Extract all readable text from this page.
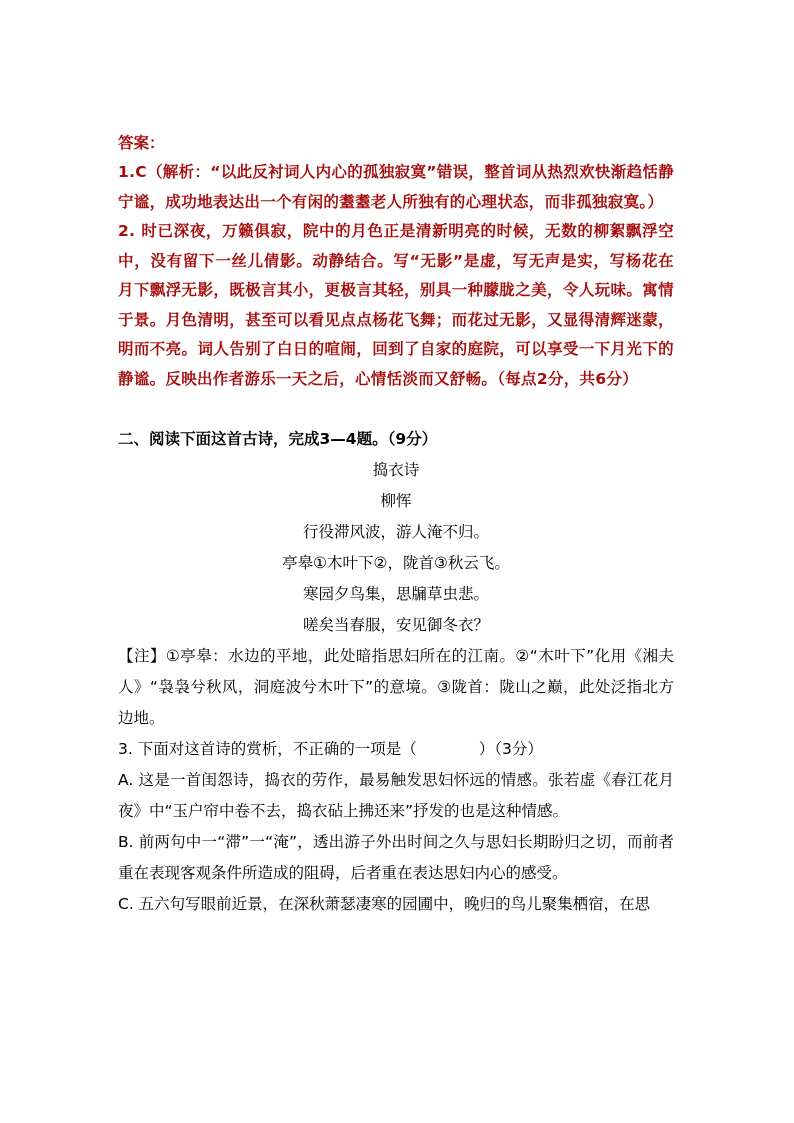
答案：
1.C（解析：“以此反衬词人内心的孤独寂寞”错误，整首词从热烈欢快渐趋恬静宁谧，成功地表达出一个有闲的耋耋老人所独有的心理状态，而非孤独寂寞。）
2. 时已深夜，万籁俱寂，院中的月色正是清新明亮的时候，无数的柳絮飘浮空中，没有留下一丝儿倩影。动静结合。写“无影”是虚，写无声是实，写杨花在月下飘浮无影，既极言其小，更极言其轻，别具一种朦胧之美，令人玩味。寓情于景。月色清明，甚至可以看见点点杨花飞舞；而花过无影，又显得清辉迷蒙，明而不亮。词人告别了白日的喧闹，回到了自家的庭院，可以享受一下月光下的静谧。反映出作者游乐一天之后，心情恬淡而又舒畅。（每点2分，共6分）
二、阅读下面这首古诗，完成3—4题。（9分）
捣衣诗
柳恽
行役滞风波，游人淹不归。
亭皋①木叶下②，陇首③秋云飞。
寒园夕鸟集，思牖草虫悲。
嗟矣当春服，安见御冬衣？
【注】①亭皋：水边的平地，此处暗指思妇所在的江南。②“木叶下”化用《湘夫人》“袅袅兮秋风，洞庭波兮木叶下”的意境。③陇首：陇山之巅，此处泛指北方边地。
3. 下面对这首诗的赏析，不正确的一项是（　　　　）（3分）
A. 这是一首闺怨诗，捣衣的劳作，最易触发思妇怀远的情感。张若虚《春江花月夜》中“玉户帘中卷不去，捣衣砧上拂还来”抒发的也是这种情感。
B. 前两句中一“滞”一“淹”，透出游子外出时间之久与思妇长期盼归之切，而前者重在表现客观条件所造成的阻碍，后者重在表达思妇内心的感受。
C. 五六句写眼前近景，在深秋萧瑟凄寒的园圃中，晚归的鸟儿聚集栖宿，在思
